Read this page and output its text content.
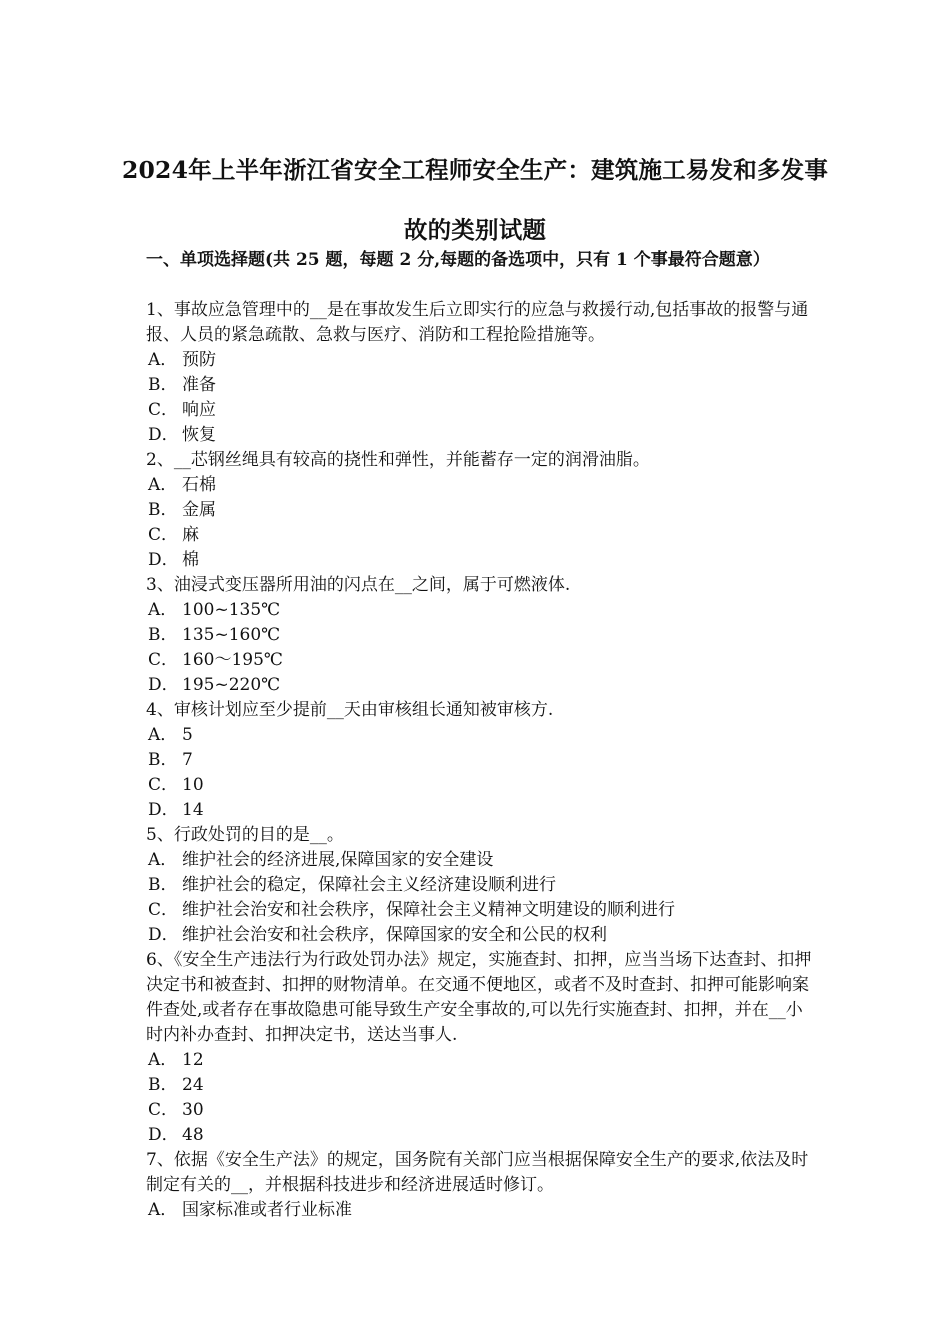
2024年上半年浙江省安全工程师安全生产：建筑施工易发和多发事故的类别试题
一、单项选择题(共 25 题，每题 2 分,每题的备选项中，只有 1 个事最符合题意）

1、事故应急管理中的__是在事故发生后立即实行的应急与救援行动,包括事故的报警与通报、人员的紧急疏散、急救与医疗、消防和工程抢险措施等。

A． 预防
B． 准备
C． 响应
D． 恢复

2、__芯钢丝绳具有较高的挠性和弹性，并能蓄存一定的润滑油脂。

A． 石棉
B． 金属
C． 麻
D． 棉

3、油浸式变压器所用油的闪点在__之间，属于可燃液体.

A． 100~135℃
B． 135~160℃
C． 160～195℃
D． 195~220℃

4、审核计划应至少提前__天由审核组长通知被审核方.

A． 5
B． 7
C． 10
D． 14

5、行政处罚的目的是__。

A． 维护社会的经济进展,保障国家的安全建设
B． 维护社会的稳定，保障社会主义经济建设顺利进行
C． 维护社会治安和社会秩序，保障社会主义精神文明建设的顺利进行
D． 维护社会治安和社会秩序，保障国家的安全和公民的权利

6、《安全生产违法行为行政处罚办法》规定，实施查封、扣押，应当当场下达查封、扣押决定书和被查封、扣押的财物清单。在交通不便地区，或者不及时查封、扣押可能影响案件查处,或者存在事故隐患可能导致生产安全事故的,可以先行实施查封、扣押，并在__小时内补办查封、扣押决定书，送达当事人.

A． 12
B． 24
C． 30
D． 48

7、依据《安全生产法》的规定，国务院有关部门应当根据保障安全生产的要求,依法及时制定有关的__，并根据科技进步和经济进展适时修订。

A． 国家标准或者行业标准
